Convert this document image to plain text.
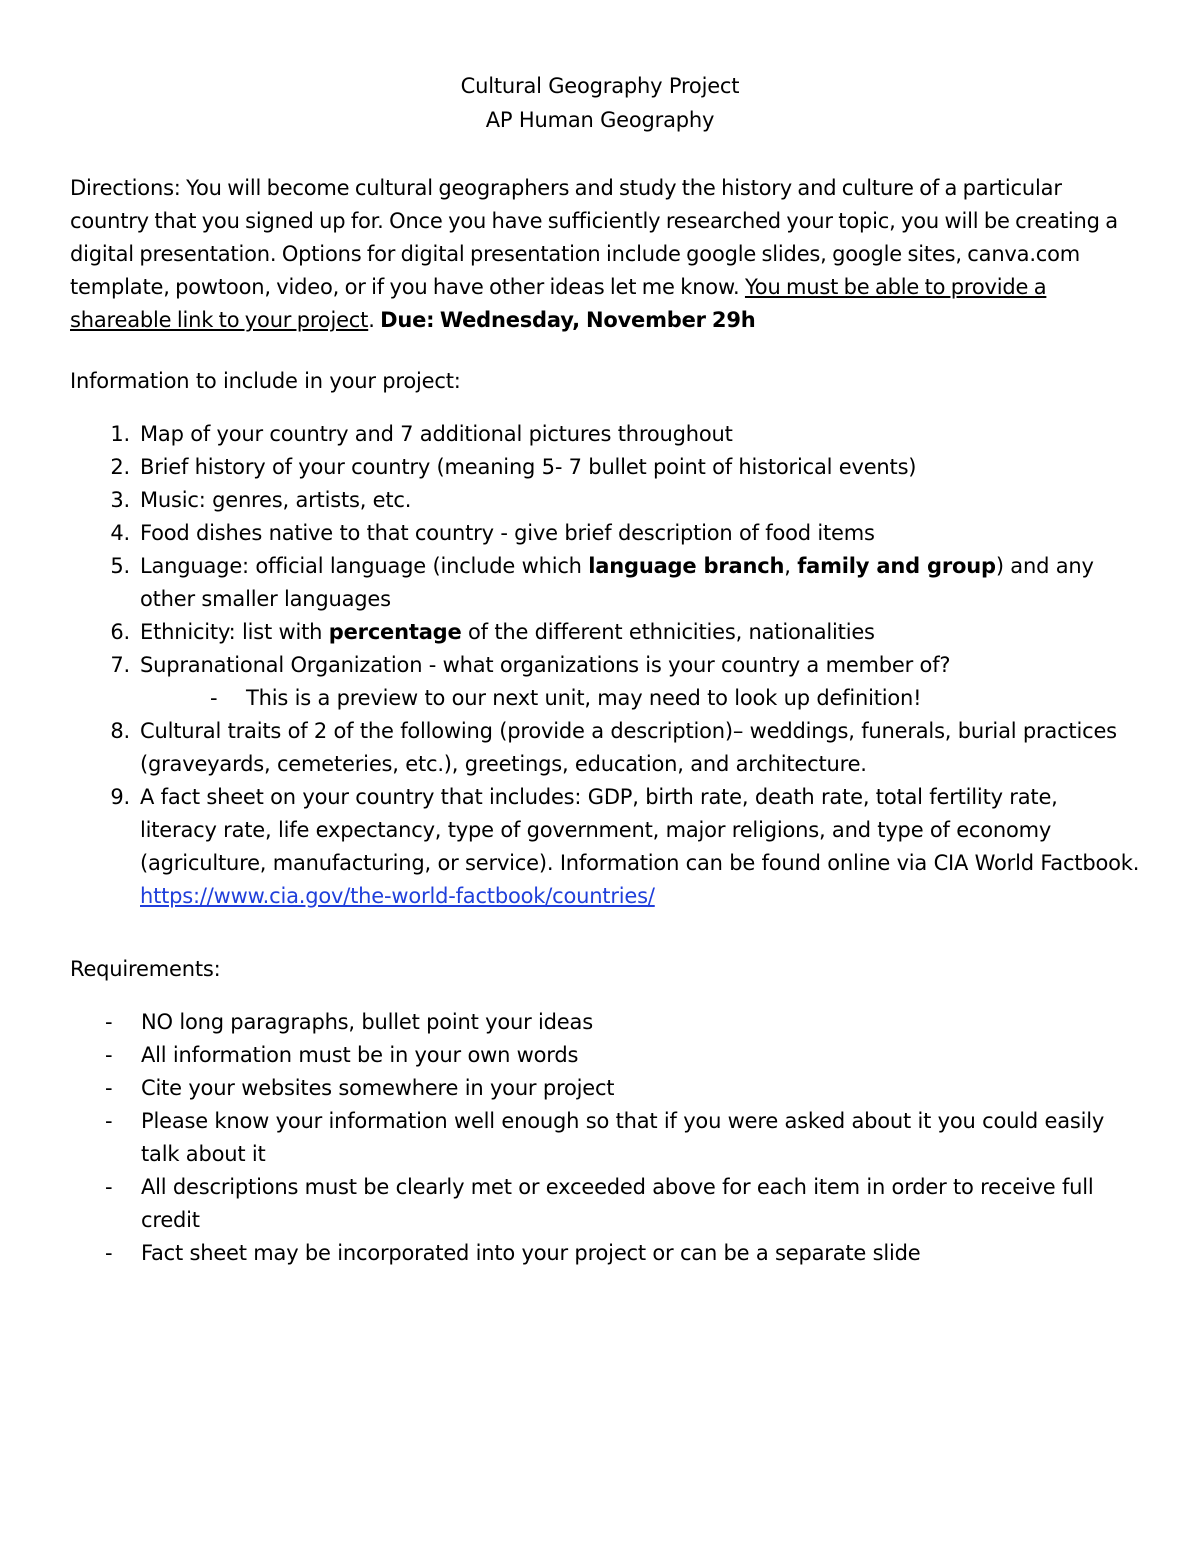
Cultural Geography Project
AP Human Geography
Directions: You will become cultural geographers and study the history and culture of a particular country that you signed up for. Once you have sufficiently researched your topic, you will be creating a digital presentation. Options for digital presentation include google slides, google sites, canva.com template, powtoon, video, or if you have other ideas let me know. You must be able to provide a shareable link to your project. Due: Wednesday, November 29h
Information to include in your project:
1. Map of your country and 7 additional pictures throughout
2. Brief history of your country (meaning 5- 7 bullet point of historical events)
3. Music: genres, artists, etc.
4. Food dishes native to that country - give brief description of food items
5. Language: official language (include which language branch, family and group) and any other smaller languages
6. Ethnicity: list with percentage of the different ethnicities, nationalities
7. Supranational Organization - what organizations is your country a member of?
- This is a preview to our next unit, may need to look up definition!
8. Cultural traits of 2 of the following (provide a description)– weddings, funerals, burial practices (graveyards, cemeteries, etc.), greetings, education, and architecture.
9. A fact sheet on your country that includes: GDP, birth rate, death rate, total fertility rate, literacy rate, life expectancy, type of government, major religions, and type of economy (agriculture, manufacturing, or service). Information can be found online via CIA World Factbook. https://www.cia.gov/the-world-factbook/countries/
Requirements:
- NO long paragraphs, bullet point your ideas
- All information must be in your own words
- Cite your websites somewhere in your project
- Please know your information well enough so that if you were asked about it you could easily talk about it
- All descriptions must be clearly met or exceeded above for each item in order to receive full credit
- Fact sheet may be incorporated into your project or can be a separate slide
